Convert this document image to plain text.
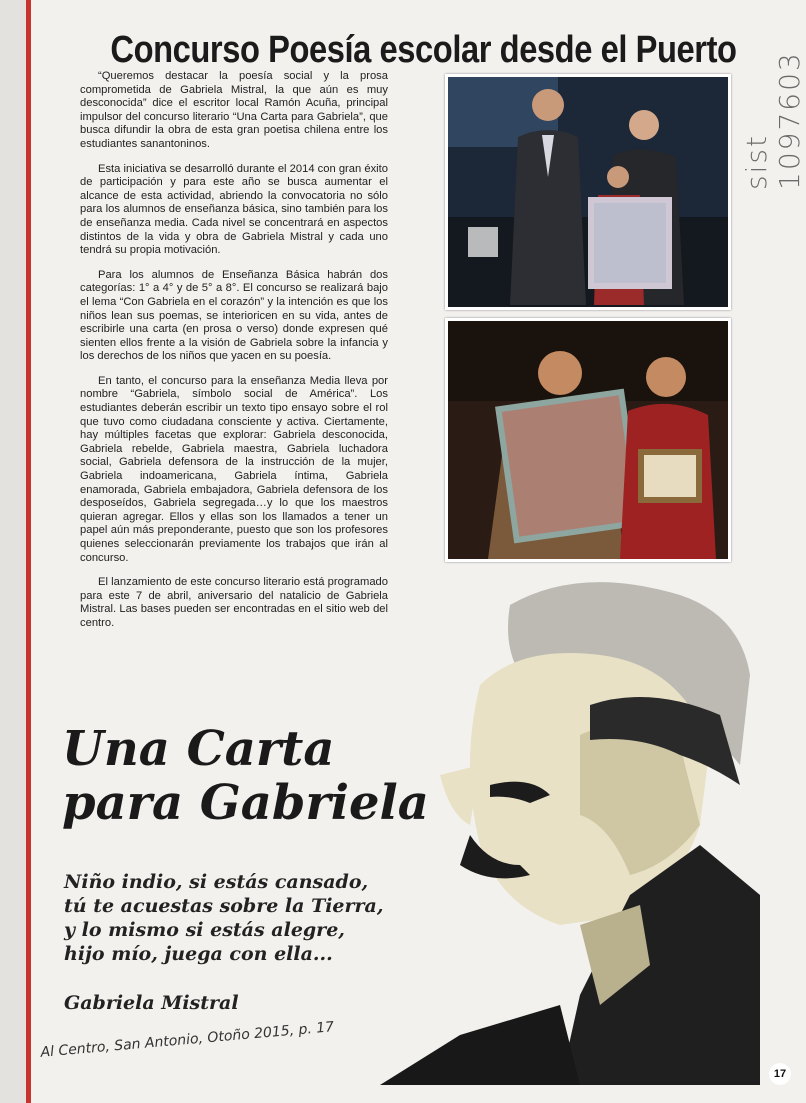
Concurso Poesía escolar desde el Puerto

“Queremos destacar la poesía social y la prosa comprometida de Gabriela Mistral, la que aún es muy desconocida” dice el escritor local Ramón Acuña, principal impulsor del concurso literario “Una Carta para Gabriela”, que busca difundir la obra de esta gran poetisa chilena entre los estudiantes sanantoninos.

Esta iniciativa se desarrolló durante el 2014 con gran éxito de participación y para este año se busca aumentar el alcance de esta actividad, abriendo la convocatoria no sólo para los alumnos de enseñanza básica, sino también para los de enseñanza media. Cada nivel se concentrará en aspectos distintos de la vida y obra de Gabriela Mistral y cada uno tendrá su propia motivación.

Para los alumnos de Enseñanza Básica habrán dos categorías: 1° a 4° y de 5° a 8°. El concurso se realizará bajo el lema “Con Gabriela en el corazón” y la intención es que los niños lean sus poemas, se interioricen en su vida, antes de escribirle una carta (en prosa o verso) donde expresen qué sienten ellos frente a la visión de Gabriela sobre la infancia y los derechos de los niños que yacen en su poesía.

En tanto, el concurso para la enseñanza Media lleva por nombre “Gabriela, símbolo social de América”. Los estudiantes deberán escribir un texto tipo ensayo sobre el rol que tuvo como ciudadana consciente y activa. Ciertamente, hay múltiples facetas que explorar: Gabriela desconocida, Gabriela rebelde, Gabriela maestra, Gabriela luchadora social, Gabriela defensora de la instrucción de la mujer, Gabriela indoamericana, Gabriela íntima, Gabriela enamorada, Gabriela embajadora, Gabriela defensora de los desposeídos, Gabriela segregada…y lo que los maestros quieran agregar. Ellos y ellas son los llamados a tener un papel aún más preponderante, puesto que son los profesores quienes seleccionarán previamente los trabajos que irán al concurso.

El lanzamiento de este concurso literario está programado para este 7 de abril, aniversario del natalicio de Gabriela Mistral. Las bases pueden ser encontradas en el sitio web del centro.

sist 1097603
Una Carta
para Gabriela
Niño indio, si estás cansado,
tú te acuestas sobre la Tierra,
y lo mismo si estás alegre,
hijo mío, juega con ella...
Gabriela Mistral
Al Centro, San Antonio, Otoño 2015, p. 17
17
